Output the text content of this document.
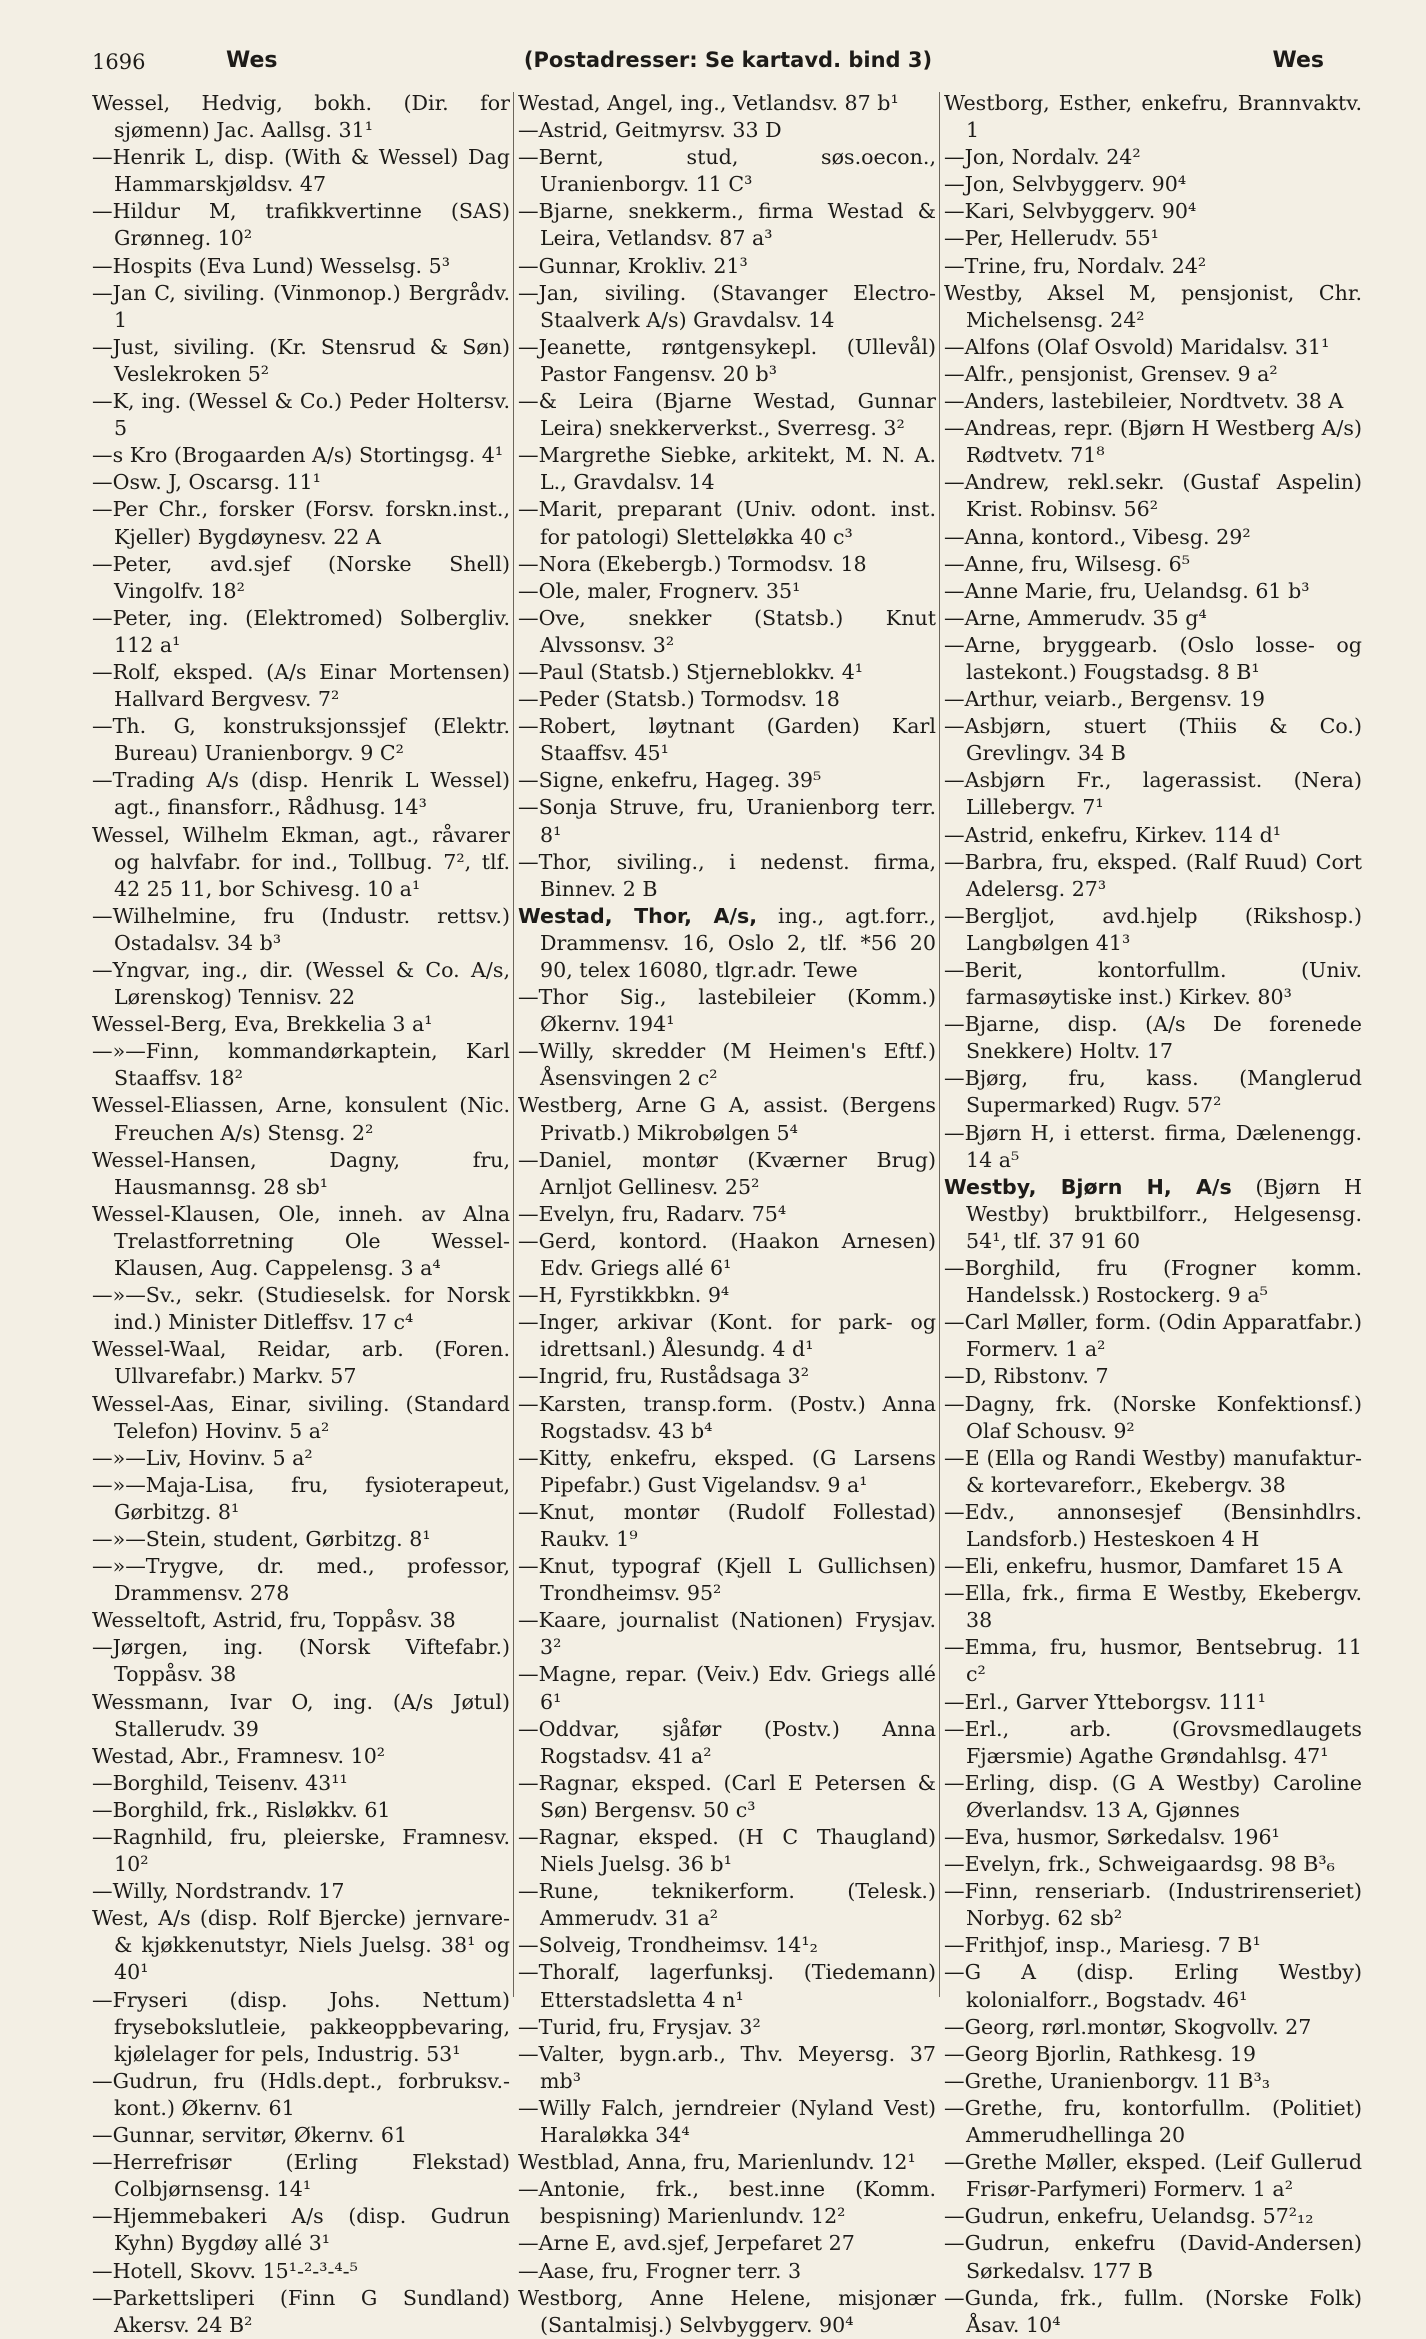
1696	Wes	(Postadresser: Se kartavd. bind 3)	Wes

Wessel, Hedvig, bokh. (Dir. for sjømenn) Jac. Aallsg. 31¹

—Henrik L, disp. (With & Wessel) Dag Hammarskjøldsv. 47

—Hildur M, trafikkvertinne (SAS) Grønneg. 10²

—Hospits (Eva Lund) Wesselsg. 5³

—Jan C, siviling. (Vinmonop.) Bergrådv. 1

—Just, siviling. (Kr. Stensrud & Søn) Veslekroken 5²

—K, ing. (Wessel & Co.) Peder Holtersv. 5

—s Kro (Brogaarden A/s) Stortingsg. 4¹

—Osw. J, Oscarsg. 11¹

—Per Chr., forsker (Forsv. forskn.inst., Kjeller) Bygdøynesv. 22 A

—Peter, avd.sjef (Norske Shell) Vingolfv. 18²

—Peter, ing. (Elektromed) Solbergliv. 112 a¹

—Rolf, eksped. (A/s Einar Mortensen) Hallvard Bergvesv. 7²

—Th. G, konstruksjonssjef (Elektr. Bureau) Uranienborgv. 9 C²

—Trading A/s (disp. Henrik L Wessel) agt., finansforr., Rådhusg. 14³

Wessel, Wilhelm Ekman, agt., råvarer og halvfabr. for ind., Tollbug. 7², tlf. 42 25 11, bor Schivesg. 10 a¹

—Wilhelmine, fru (Industr. rettsv.) Ostadalsv. 34 b³

—Yngvar, ing., dir. (Wessel & Co. A/s, Lørenskog) Tennisv. 22

Wessel-Berg, Eva, Brekkelia 3 a¹

—»—Finn, kommandørkaptein, Karl Staaffsv. 18²

Wessel-Eliassen, Arne, konsulent (Nic. Freuchen A/s) Stensg. 2²

Wessel-Hansen, Dagny, fru, Hausmannsg. 28 sb¹

Wessel-Klausen, Ole, inneh. av Alna Trelastforretning Ole Wessel-Klausen, Aug. Cappelensg. 3 a⁴

—»—Sv., sekr. (Studieselsk. for Norsk ind.) Minister Ditleffsv. 17 c⁴

Wessel-Waal, Reidar, arb. (Foren. Ullvarefabr.) Markv. 57

Wessel-Aas, Einar, siviling. (Standard Telefon) Hovinv. 5 a²

—»—Liv, Hovinv. 5 a²

—»—Maja-Lisa, fru, fysioterapeut, Gørbitzg. 8¹

—»—Stein, student, Gørbitzg. 8¹

—»—Trygve, dr. med., professor, Drammensv. 278

Wesseltoft, Astrid, fru, Toppåsv. 38

—Jørgen, ing. (Norsk Viftefabr.) Toppåsv. 38

Wessmann, Ivar O, ing. (A/s Jøtul) Stallerudv. 39

Westad, Abr., Framnesv. 10²

—Borghild, Teisenv. 43¹¹

—Borghild, frk., Risløkkv. 61

—Ragnhild, fru, pleierske, Framnesv. 10²

—Willy, Nordstrandv. 17

West, A/s (disp. Rolf Bjercke) jernvare-& kjøkkenutstyr, Niels Juelsg. 38¹ og 40¹

—Fryseri (disp. Johs. Nettum) frysebokslutleie, pakkeoppbevaring, kjølelager for pels, Industrig. 53¹

—Gudrun, fru (Hdls.dept., forbruksv.-kont.) Økernv. 61

—Gunnar, servitør, Økernv. 61

—Herrefrisør (Erling Flekstad) Colbjørnsensg. 14¹

—Hjemmebakeri A/s (disp. Gudrun Kyhn) Bygdøy allé 3¹

—Hotell, Skovv. 15¹-²-³-⁴-⁵

—Parkettsliperi (Finn G Sundland) Akersv. 24 B²

Westad, Angel, ing., Vetlandsv. 87 b¹

—Astrid, Geitmyrsv. 33 D

—Bernt, stud, søs.oecon., Uranienborgv. 11 C³

—Bjarne, snekkerm., firma Westad & Leira, Vetlandsv. 87 a³

—Gunnar, Krokliv. 21³

—Jan, siviling. (Stavanger Electro-Staalverk A/s) Gravdalsv. 14

—Jeanette, røntgensykepl. (Ullevål) Pastor Fangensv. 20 b³

—& Leira (Bjarne Westad, Gunnar Leira) snekkerverkst., Sverresg. 3²

—Margrethe Siebke, arkitekt, M. N. A. L., Gravdalsv. 14

—Marit, preparant (Univ. odont. inst. for patologi) Slettеløkka 40 c³

—Nora (Ekebergb.) Tormodsv. 18

—Ole, maler, Frognerv. 35¹

—Ove, snekker (Statsb.) Knut Alvssonsv. 3²

—Paul (Statsb.) Stjerneblokkv. 4¹

—Peder (Statsb.) Tormodsv. 18

—Robert, løytnant (Garden) Karl Staaffsv. 45¹

—Signe, enkefru, Hageg. 39⁵

—Sonja Struve, fru, Uranienborg terr. 8¹

—Thor, siviling., i nedenst. firma, Binnev. 2 B

Westad, Thor, A/s, ing., agt.forr., Drammensv. 16, Oslo 2, tlf. *56 20 90, telex 16080, tlgr.adr. Tewe

—Thor Sig., lastebileier (Komm.) Økernv. 194¹

—Willy, skredder (M Heimen's Eftf.) Åsensvingen 2 c²

Westberg, Arne G A, assist. (Bergens Privatb.) Mikrobølgen 5⁴

—Daniel, montør (Kværner Brug) Arnljot Gellinesv. 25²

—Evelyn, fru, Radarv. 75⁴

—Gerd, kontord. (Haakon Arnesen) Edv. Griegs allé 6¹

—H, Fyrstikkbkn. 9⁴

—Inger, arkivar (Kont. for park- og idrettsanl.) Ålesundg. 4 d¹

—Ingrid, fru, Rustådsaga 3²

—Karsten, transp.form. (Postv.) Anna Rogstadsv. 43 b⁴

—Kitty, enkefru, eksped. (G Larsens Pipefabr.) Gust Vigelandsv. 9 a¹

—Knut, montør (Rudolf Follestad) Raukv. 1⁹

—Knut, typograf (Kjell L Gullichsen) Trondheimsv. 95²

—Kaare, journalist (Nationen) Frysjav. 3²

—Magne, repar. (Veiv.) Edv. Griegs allé 6¹

—Oddvar, sjåfør (Postv.) Anna Rogstadsv. 41 a²

—Ragnar, eksped. (Carl E Petersen & Søn) Bergensv. 50 c³

—Ragnar, eksped. (H C Thaugland) Niels Juelsg. 36 b¹

—Rune, teknikerform. (Telesk.) Ammerudv. 31 a²

—Solveig, Trondheimsv. 14¹₂

—Thoralf, lagerfunksj. (Tiedemann) Etterstadsletta 4 n¹

—Turid, fru, Frysjav. 3²

—Valter, bygn.arb., Thv. Meyersg. 37 mb³

—Willy Falch, jerndreier (Nyland Vest) Haraløkka 34⁴

Westblad, Anna, fru, Marienlundv. 12¹

—Antonie, frk., best.inne (Komm. bespisning) Marienlundv. 12²

—Arne E, avd.sjef, Jerpefaret 27

—Aase, fru, Frogner terr. 3

Westborg, Anne Helene, misjonær (Santalmisj.) Selvbyggerv. 90⁴

Westborg, Esther, enkefru, Brannvaktv. 1

—Jon, Nordalv. 24²

—Jon, Selvbyggerv. 90⁴

—Kari, Selvbyggerv. 90⁴

—Per, Hellerudv. 55¹

—Trine, fru, Nordalv. 24²

Westby, Aksel M, pensjonist, Chr. Michelsensg. 24²

—Alfons (Olaf Osvold) Maridalsv. 31¹

—Alfr., pensjonist, Grensev. 9 a²

—Anders, lastebileier, Nordtvetv. 38 A

—Andreas, repr. (Bjørn H Westberg A/s) Rødtvetv. 71⁸

—Andrew, rekl.sekr. (Gustaf Aspelin) Krist. Robinsv. 56²

—Anna, kontord., Vibesg. 29²

—Anne, fru, Wilsesg. 6⁵

—Anne Marie, fru, Uelandsg. 61 b³

—Arne, Ammerudv. 35 g⁴

—Arne, bryggearb. (Oslo losse- og lastekont.) Fougstadsg. 8 B¹

—Arthur, veiarb., Bergensv. 19

—Asbjørn, stuert (Thiis & Co.) Grevlingv. 34 B

—Asbjørn Fr., lagerassist. (Nera) Lillebergv. 7¹

—Astrid, enkefru, Kirkev. 114 d¹

—Barbra, fru, eksped. (Ralf Ruud) Cort Adelersg. 27³

—Bergljot, avd.hjelp (Rikshosp.) Langbølgen 41³

—Berit, kontorfullm. (Univ. farmasøytiske inst.) Kirkev. 80³

—Bjarne, disp. (A/s De forenede Snekkere) Holtv. 17

—Bjørg, fru, kass. (Manglerud Supermarked) Rugv. 57²

—Bjørn H, i etterst. firma, Dælenengg. 14 a⁵

Westby, Bjørn H, A/s (Bjørn H Westby) bruktbilforr., Helgesensg. 54¹, tlf. 37 91 60

—Borghild, fru (Frogner komm. Handelssk.) Rostockerg. 9 a⁵

—Carl Møller, form. (Odin Apparatfabr.) Formerv. 1 a²

—D, Ribstonv. 7

—Dagny, frk. (Norske Konfektionsf.) Olaf Schousv. 9²

—E (Ella og Randi Westby) manufaktur- & kortevareforr., Ekebergv. 38

—Edv., annonsesjef (Bensinhdlrs. Landsforb.) Hesteskoen 4 H

—Eli, enkefru, husmor, Damfaret 15 A

—Ella, frk., firma E Westby, Ekebergv. 38

—Emma, fru, husmor, Bentsebrug. 11 c²

—Erl., Garver Ytteborgsv. 111¹

—Erl., arb. (Grovsmedlaugets Fjærsmie) Agathe Grøndahlsg. 47¹

—Erling, disp. (G A Westby) Caroline Øverlandsv. 13 A, Gjønnes

—Eva, husmor, Sørkedalsv. 196¹

—Evelyn, frk., Schweigaardsg. 98 B³₆

—Finn, renseriarb. (Industrirenseriet) Norbyg. 62 sb²

—Frithjof, insp., Mariesg. 7 B¹

—G A (disp. Erling Westby) kolonialforr., Bogstadv. 46¹

—Georg, rørl.montør, Skogvollv. 27

—Georg Bjorlin, Rathkesg. 19

—Grethe, Uranienborgv. 11 B³₃

—Grethe, fru, kontorfullm. (Politiet) Ammerudhellinga 20

—Grethe Møller, eksped. (Leif Gullerud Frisør-Parfymeri) Formerv. 1 a²

—Gudrun, enkefru, Uelandsg. 57²₁₂

—Gudrun, enkefru (David-Andersen) Sørkedalsv. 177 B

—Gunda, frk., fullm. (Norske Folk) Åsav. 10⁴
